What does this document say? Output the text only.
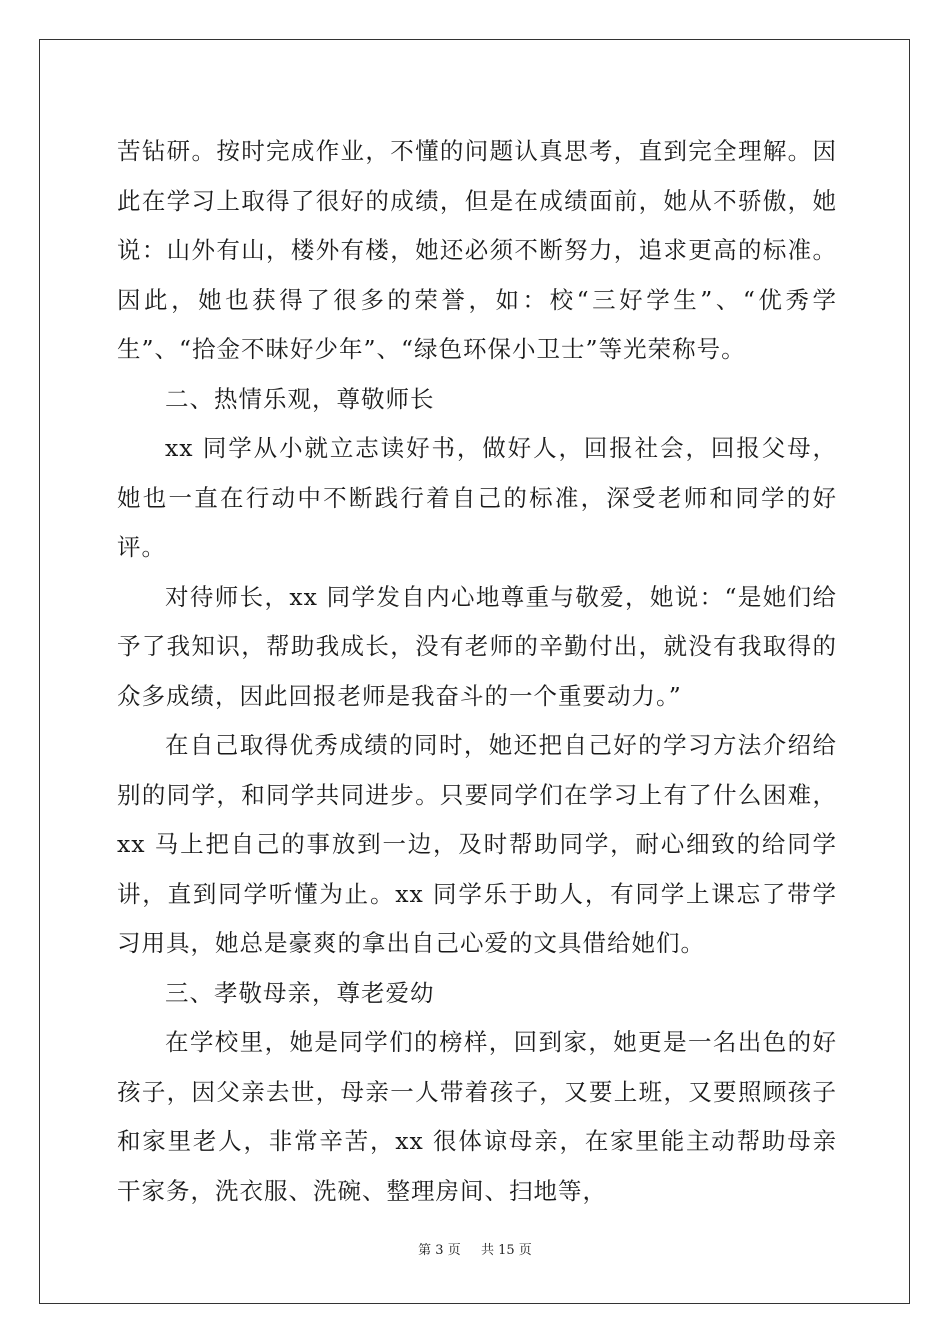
苦钻研。按时完成作业，不懂的问题认真思考，直到完全理解。因此在学习上取得了很好的成绩，但是在成绩面前，她从不骄傲，她说：山外有山，楼外有楼，她还必须不断努力，追求更高的标准。因此，她也获得了很多的荣誉，如：校“三好学生”、“优秀学生”、“拾金不昧好少年”、“绿色环保小卫士”等光荣称号。

二、热情乐观，尊敬师长

xx 同学从小就立志读好书，做好人，回报社会，回报父母，她也一直在行动中不断践行着自己的标准，深受老师和同学的好评。

对待师长，xx 同学发自内心地尊重与敬爱，她说：“是她们给予了我知识，帮助我成长，没有老师的辛勤付出，就没有我取得的众多成绩，因此回报老师是我奋斗的一个重要动力。”

在自己取得优秀成绩的同时，她还把自己好的学习方法介绍给别的同学，和同学共同进步。只要同学们在学习上有了什么困难，xx 马上把自己的事放到一边，及时帮助同学，耐心细致的给同学讲，直到同学听懂为止。xx 同学乐于助人，有同学上课忘了带学习用具，她总是豪爽的拿出自己心爱的文具借给她们。

三、孝敬母亲，尊老爱幼

在学校里，她是同学们的榜样，回到家，她更是一名出色的好孩子，因父亲去世，母亲一人带着孩子，又要上班，又要照顾孩子和家里老人，非常辛苦，xx 很体谅母亲，在家里能主动帮助母亲干家务，洗衣服、洗碗、整理房间、扫地等，

第 3 页 共 15 页
